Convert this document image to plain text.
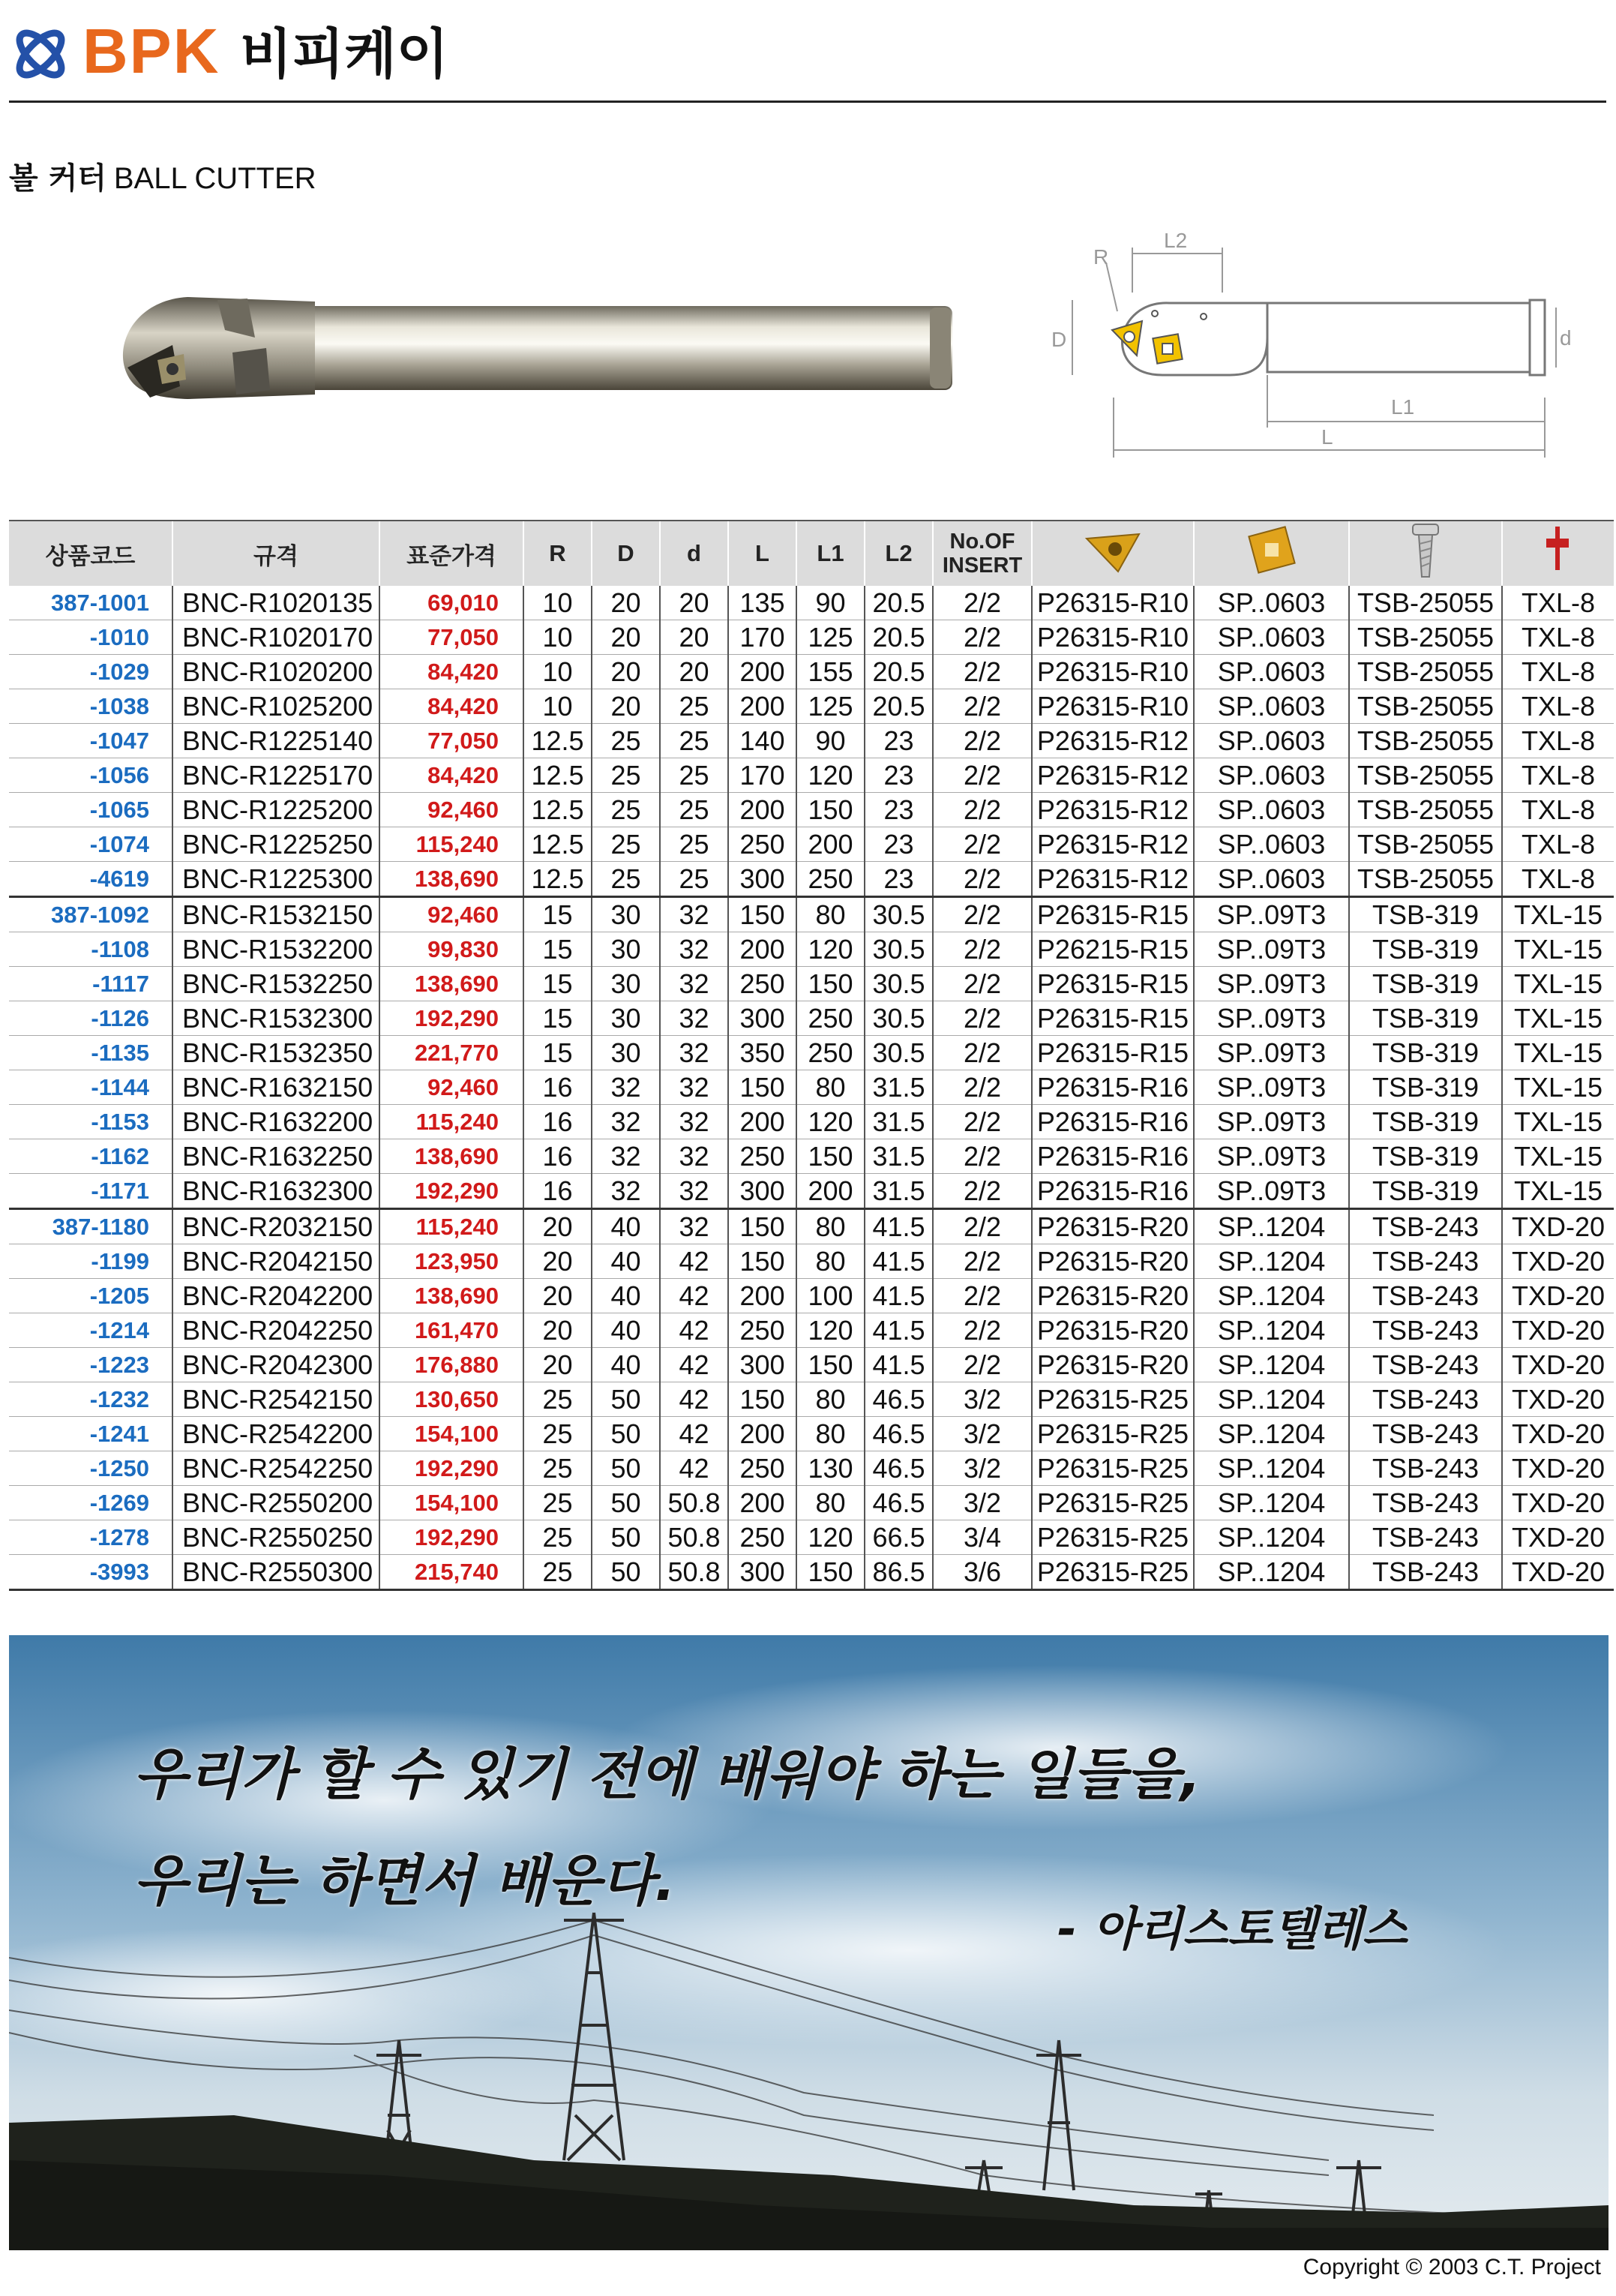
BPK 비피케이
볼 커터 BALL CUTTER
R
L2
D	d
L1
L
상품코드	규격	표준가격	R	D	d	L	L1	L2	No.OF
INSERT

387-1001	BNC-R1020135	69,010	10	20	20	135	90	20.5	2/2	P26315-R10	SP..0603	TSB-25055	TXL-8
-1010	BNC-R1020170	77,050	10	20	20	170	125	20.5	2/2	P26315-R10	SP..0603	TSB-25055	TXL-8
-1029	BNC-R1020200	84,420	10	20	20	200	155	20.5	2/2	P26315-R10	SP..0603	TSB-25055	TXL-8
-1038	BNC-R1025200	84,420	10	20	25	200	125	20.5	2/2	P26315-R10	SP..0603	TSB-25055	TXL-8
-1047	BNC-R1225140	77,050	12.5	25	25	140	90	23	2/2	P26315-R12	SP..0603	TSB-25055	TXL-8
-1056	BNC-R1225170	84,420	12.5	25	25	170	120	23	2/2	P26315-R12	SP..0603	TSB-25055	TXL-8
-1065	BNC-R1225200	92,460	12.5	25	25	200	150	23	2/2	P26315-R12	SP..0603	TSB-25055	TXL-8
-1074	BNC-R1225250	115,240	12.5	25	25	250	200	23	2/2	P26315-R12	SP..0603	TSB-25055	TXL-8
-4619	BNC-R1225300	138,690	12.5	25	25	300	250	23	2/2	P26315-R12	SP..0603	TSB-25055	TXL-8
387-1092	BNC-R1532150	92,460	15	30	32	150	80	30.5	2/2	P26315-R15	SP..09T3	TSB-319	TXL-15
-1108	BNC-R1532200	99,830	15	30	32	200	120	30.5	2/2	P26215-R15	SP..09T3	TSB-319	TXL-15
-1117	BNC-R1532250	138,690	15	30	32	250	150	30.5	2/2	P26315-R15	SP..09T3	TSB-319	TXL-15
-1126	BNC-R1532300	192,290	15	30	32	300	250	30.5	2/2	P26315-R15	SP..09T3	TSB-319	TXL-15
-1135	BNC-R1532350	221,770	15	30	32	350	250	30.5	2/2	P26315-R15	SP..09T3	TSB-319	TXL-15
-1144	BNC-R1632150	92,460	16	32	32	150	80	31.5	2/2	P26315-R16	SP..09T3	TSB-319	TXL-15
-1153	BNC-R1632200	115,240	16	32	32	200	120	31.5	2/2	P26315-R16	SP..09T3	TSB-319	TXL-15
-1162	BNC-R1632250	138,690	16	32	32	250	150	31.5	2/2	P26315-R16	SP..09T3	TSB-319	TXL-15
-1171	BNC-R1632300	192,290	16	32	32	300	200	31.5	2/2	P26315-R16	SP..09T3	TSB-319	TXL-15
387-1180	BNC-R2032150	115,240	20	40	32	150	80	41.5	2/2	P26315-R20	SP..1204	TSB-243	TXD-20
-1199	BNC-R2042150	123,950	20	40	42	150	80	41.5	2/2	P26315-R20	SP..1204	TSB-243	TXD-20
-1205	BNC-R2042200	138,690	20	40	42	200	100	41.5	2/2	P26315-R20	SP..1204	TSB-243	TXD-20
-1214	BNC-R2042250	161,470	20	40	42	250	120	41.5	2/2	P26315-R20	SP..1204	TSB-243	TXD-20
-1223	BNC-R2042300	176,880	20	40	42	300	150	41.5	2/2	P26315-R20	SP..1204	TSB-243	TXD-20
-1232	BNC-R2542150	130,650	25	50	42	150	80	46.5	3/2	P26315-R25	SP..1204	TSB-243	TXD-20
-1241	BNC-R2542200	154,100	25	50	42	200	80	46.5	3/2	P26315-R25	SP..1204	TSB-243	TXD-20
-1250	BNC-R2542250	192,290	25	50	42	250	130	46.5	3/2	P26315-R25	SP..1204	TSB-243	TXD-20
-1269	BNC-R2550200	154,100	25	50	50.8	200	80	46.5	3/2	P26315-R25	SP..1204	TSB-243	TXD-20
-1278	BNC-R2550250	192,290	25	50	50.8	250	120	66.5	3/4	P26315-R25	SP..1204	TSB-243	TXD-20
-3993	BNC-R2550300	215,740	25	50	50.8	300	150	86.5	3/6	P26315-R25	SP..1204	TSB-243	TXD-20
우리가 할 수 있기 전에 배워야 하는 일들을,
우리는 하면서 배운다.
- 아리스토텔레스
Copyright © 2003 C.T. Project
